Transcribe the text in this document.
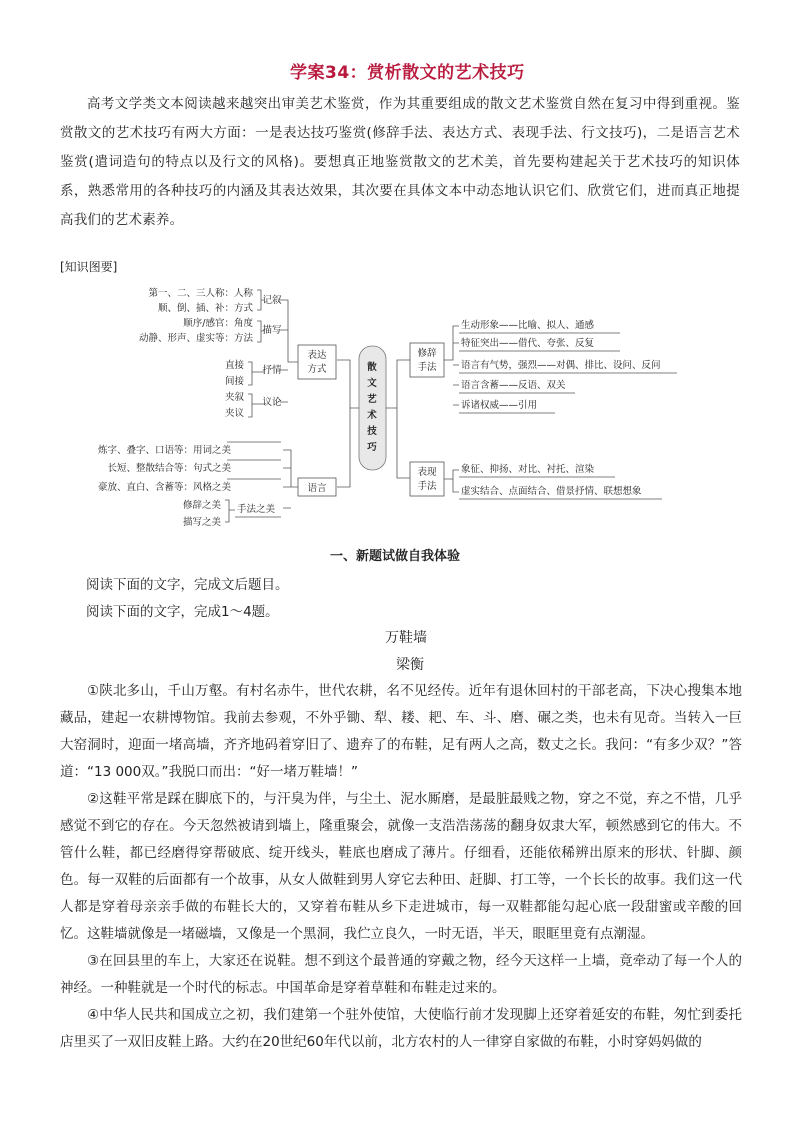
学案34：赏析散文的艺术技巧
高考文学类文本阅读越来越突出审美艺术鉴赏，作为其重要组成的散文艺术鉴赏自然在复习中得到重视。鉴赏散文的艺术技巧有两大方面：一是表达技巧鉴赏(修辞手法、表达方式、表现手法、行文技巧)，二是语言艺术鉴赏(遣词造句的特点以及行文的风格)。要想真正地鉴赏散文的艺术美，首先要构建起关于艺术技巧的知识体系，熟悉常用的各种技巧的内涵及其表达效果，其次要在具体文本中动态地认识它们、欣赏它们，进而真正地提高我们的艺术素养。
[知识图要]
散
文
艺
术
技
巧
表达
方式
语言
记叙
描写
抒情
议论
第一、二、三人称：人称
顺、倒、插、补：方式
顺序/感官：角度
动静、形声、虚实等：方法
直接
间接
夹叙
夹议
炼字、叠字、口语等：用词之美
长短、整散结合等：句式之美
豪放、直白、含蓄等：风格之美
修辞之美
描写之美
手法之美
修辞
手法
表现
手法
生动形象——比喻、拟人、通感
特征突出——借代、夸张、反复
语言有气势，强烈——对偶、排比、设问、反问
语言含蓄——反语、双关
诉诸权威——引用
象征、抑扬、对比、衬托、渲染
虚实结合、点面结合、借景抒情、联想想象
一、新题试做自我体验
阅读下面的文字，完成文后题目。
阅读下面的文字，完成1～4题。
万鞋墙
梁衡

①陕北多山，千山万壑。有村名赤牛，世代农耕，名不见经传。近年有退休回村的干部老高，下决心搜集本地藏品，建起一农耕博物馆。我前去参观，不外乎锄、犁、耧、耙、车、斗、磨、碾之类，也未有见奇。当转入一巨大窑洞时，迎面一堵高墙，齐齐地码着穿旧了、遗弃了的布鞋，足有两人之高，数丈之长。我问：“有多少双？”答道：“13 000双。”我脱口而出：“好一堵万鞋墙！”

②这鞋平常是踩在脚底下的，与汗臭为伴，与尘土、泥水厮磨，是最脏最贱之物，穿之不觉，弃之不惜，几乎感觉不到它的存在。今天忽然被请到墙上，隆重聚会，就像一支浩浩荡荡的翻身奴隶大军，顿然感到它的伟大。不管什么鞋，都已经磨得穿帮破底、绽开线头，鞋底也磨成了薄片。仔细看，还能依稀辨出原来的形状、针脚、颜色。每一双鞋的后面都有一个故事，从女人做鞋到男人穿它去种田、赶脚、打工等，一个长长的故事。我们这一代人都是穿着母亲亲手做的布鞋长大的，又穿着布鞋从乡下走进城市，每一双鞋都能勾起心底一段甜蜜或辛酸的回忆。这鞋墙就像是一堵磁墙，又像是一个黑洞，我伫立良久，一时无语，半天，眼眶里竟有点潮湿。

③在回县里的车上，大家还在说鞋。想不到这个最普通的穿戴之物，经今天这样一上墙，竟牵动了每一个人的神经。一种鞋就是一个时代的标志。中国革命是穿着草鞋和布鞋走过来的。

④中华人民共和国成立之初，我们建第一个驻外使馆，大使临行前才发现脚上还穿着延安的布鞋，匆忙到委托店里买了一双旧皮鞋上路。大约在20世纪60年代以前，北方农村的人一律穿自家做的布鞋，小时穿妈妈做的
